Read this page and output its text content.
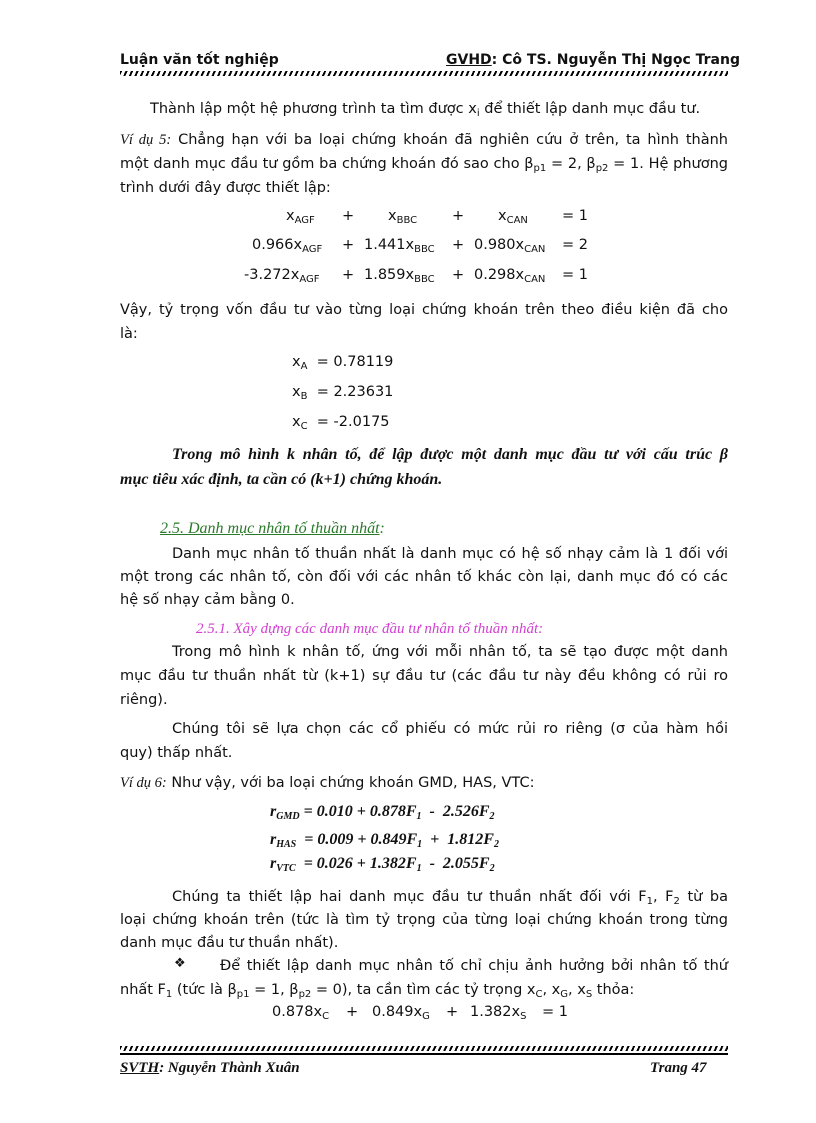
Luận văn tốt nghiệp	GVHD: Cô TS. Nguyễn Thị Ngọc Trang
Thành lập một hệ phương trình ta tìm được $x_i$ để thiết lập danh mục đầu tư.
Ví dụ 5: Chẳng hạn với ba loại chứng khoán đã nghiên cứu ở trên, ta hình thành
một danh mục đầu tư gồm ba chứng khoán đó sao cho $\beta_{p1} = 2$, $\beta_{p2} = 1$. Hệ phương
trình dưới đây được thiết lập:
$x_{AGF} + x_{BBC} + x_{CAN} = 1$
$0.966x_{AGF} + 1.441x_{BBC} + 0.980x_{CAN} = 2$
$-3.272x_{AGF} + 1.859x_{BBC} + 0.298x_{CAN} = 1$
Vậy, tỷ trọng vốn đầu tư vào từng loại chứng khoán trên theo điều kiện đã cho
là:
$x_A = 0.78119$
$x_B = 2.23631$
$x_C = -2.0175$
Trong mô hình k nhân tố, để lập được một danh mục đầu tư với cấu trúc β
mục tiêu xác định, ta cần có (k+1) chứng khoán.
2.5. Danh mục nhân tố thuần nhất:
Danh mục nhân tố thuần nhất là danh mục có hệ số nhạy cảm là 1 đối với
một trong các nhân tố, còn đối với các nhân tố khác còn lại, danh mục đó có các
hệ số nhạy cảm bằng 0.
2.5.1. Xây dựng các danh mục đầu tư nhân tố thuần nhất:
Trong mô hình k nhân tố, ứng với mỗi nhân tố, ta sẽ tạo được một danh
mục đầu tư thuần nhất từ (k+1) sự đầu tư (các đầu tư này đều không có rủi ro
riêng).
Chúng tôi sẽ lựa chọn các cổ phiếu có mức rủi ro riêng (σ của hàm hồi
quy) thấp nhất.
Ví dụ 6: Như vậy, với ba loại chứng khoán GMD, HAS, VTC:
$r_{GMD} = 0.010 + 0.878F_1 - 2.526F_2$
$r_{HAS} = 0.009 + 0.849F_1 + 1.812F_2$
$r_{VTC} = 0.026 + 1.382F_1 - 2.055F_2$
Chúng ta thiết lập hai danh mục đầu tư thuần nhất đối với $F_1$, $F_2$ từ ba
loại chứng khoán trên (tức là tìm tỷ trọng của từng loại chứng khoán trong từng
danh mục đầu tư thuần nhất).
❖ Để thiết lập danh mục nhân tố chỉ chịu ảnh hưởng bởi nhân tố thứ
nhất $F_1$ (tức là $\beta_{p1} = 1$, $\beta_{p2} = 0$), ta cần tìm các tỷ trọng $x_C$, $x_G$, $x_S$ thỏa:
$0.878x_C + 0.849x_G + 1.382x_S = 1$
SVTH: Nguyễn Thành Xuân	Trang 47
